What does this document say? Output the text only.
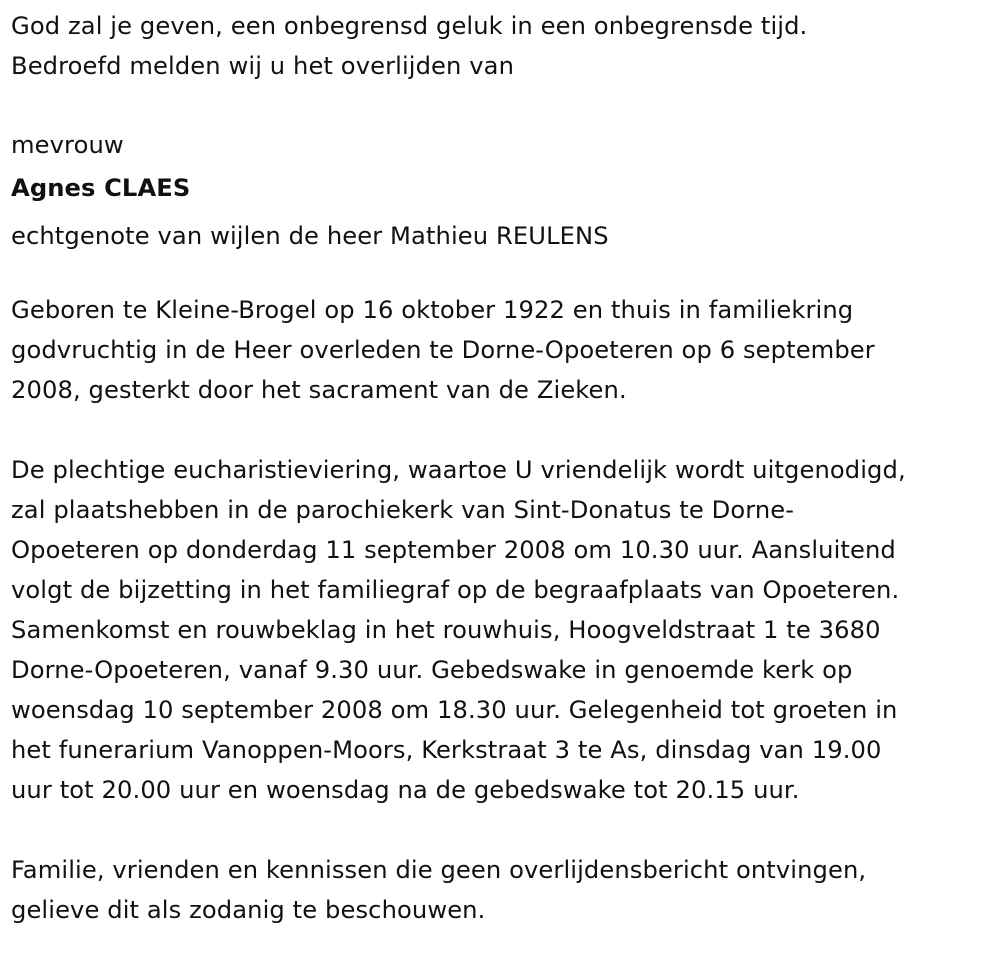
God zal je geven, een onbegrensd geluk in een onbegrensde tijd.
Bedroefd melden wij u het overlijden van
mevrouw
Agnes CLAES
echtgenote van wijlen de heer Mathieu REULENS
Geboren te Kleine-Brogel op 16 oktober 1922 en thuis in familiekring
godvruchtig in de Heer overleden te Dorne-Opoeteren op 6 september
2008, gesterkt door het sacrament van de Zieken.
De plechtige eucharistieviering, waartoe U vriendelijk wordt uitgenodigd,
zal plaatshebben in de parochiekerk van Sint-Donatus te Dorne-
Opoeteren op donderdag 11 september 2008 om 10.30 uur. Aansluitend
volgt de bijzetting in het familiegraf op de begraafplaats van Opoeteren.
Samenkomst en rouwbeklag in het rouwhuis, Hoogveldstraat 1 te 3680
Dorne-Opoeteren, vanaf 9.30 uur. Gebedswake in genoemde kerk op
woensdag 10 september 2008 om 18.30 uur. Gelegenheid tot groeten in
het funerarium Vanoppen-Moors, Kerkstraat 3 te As, dinsdag van 19.00
uur tot 20.00 uur en woensdag na de gebedswake tot 20.15 uur.
Familie, vrienden en kennissen die geen overlijdensbericht ontvingen,
gelieve dit als zodanig te beschouwen.
